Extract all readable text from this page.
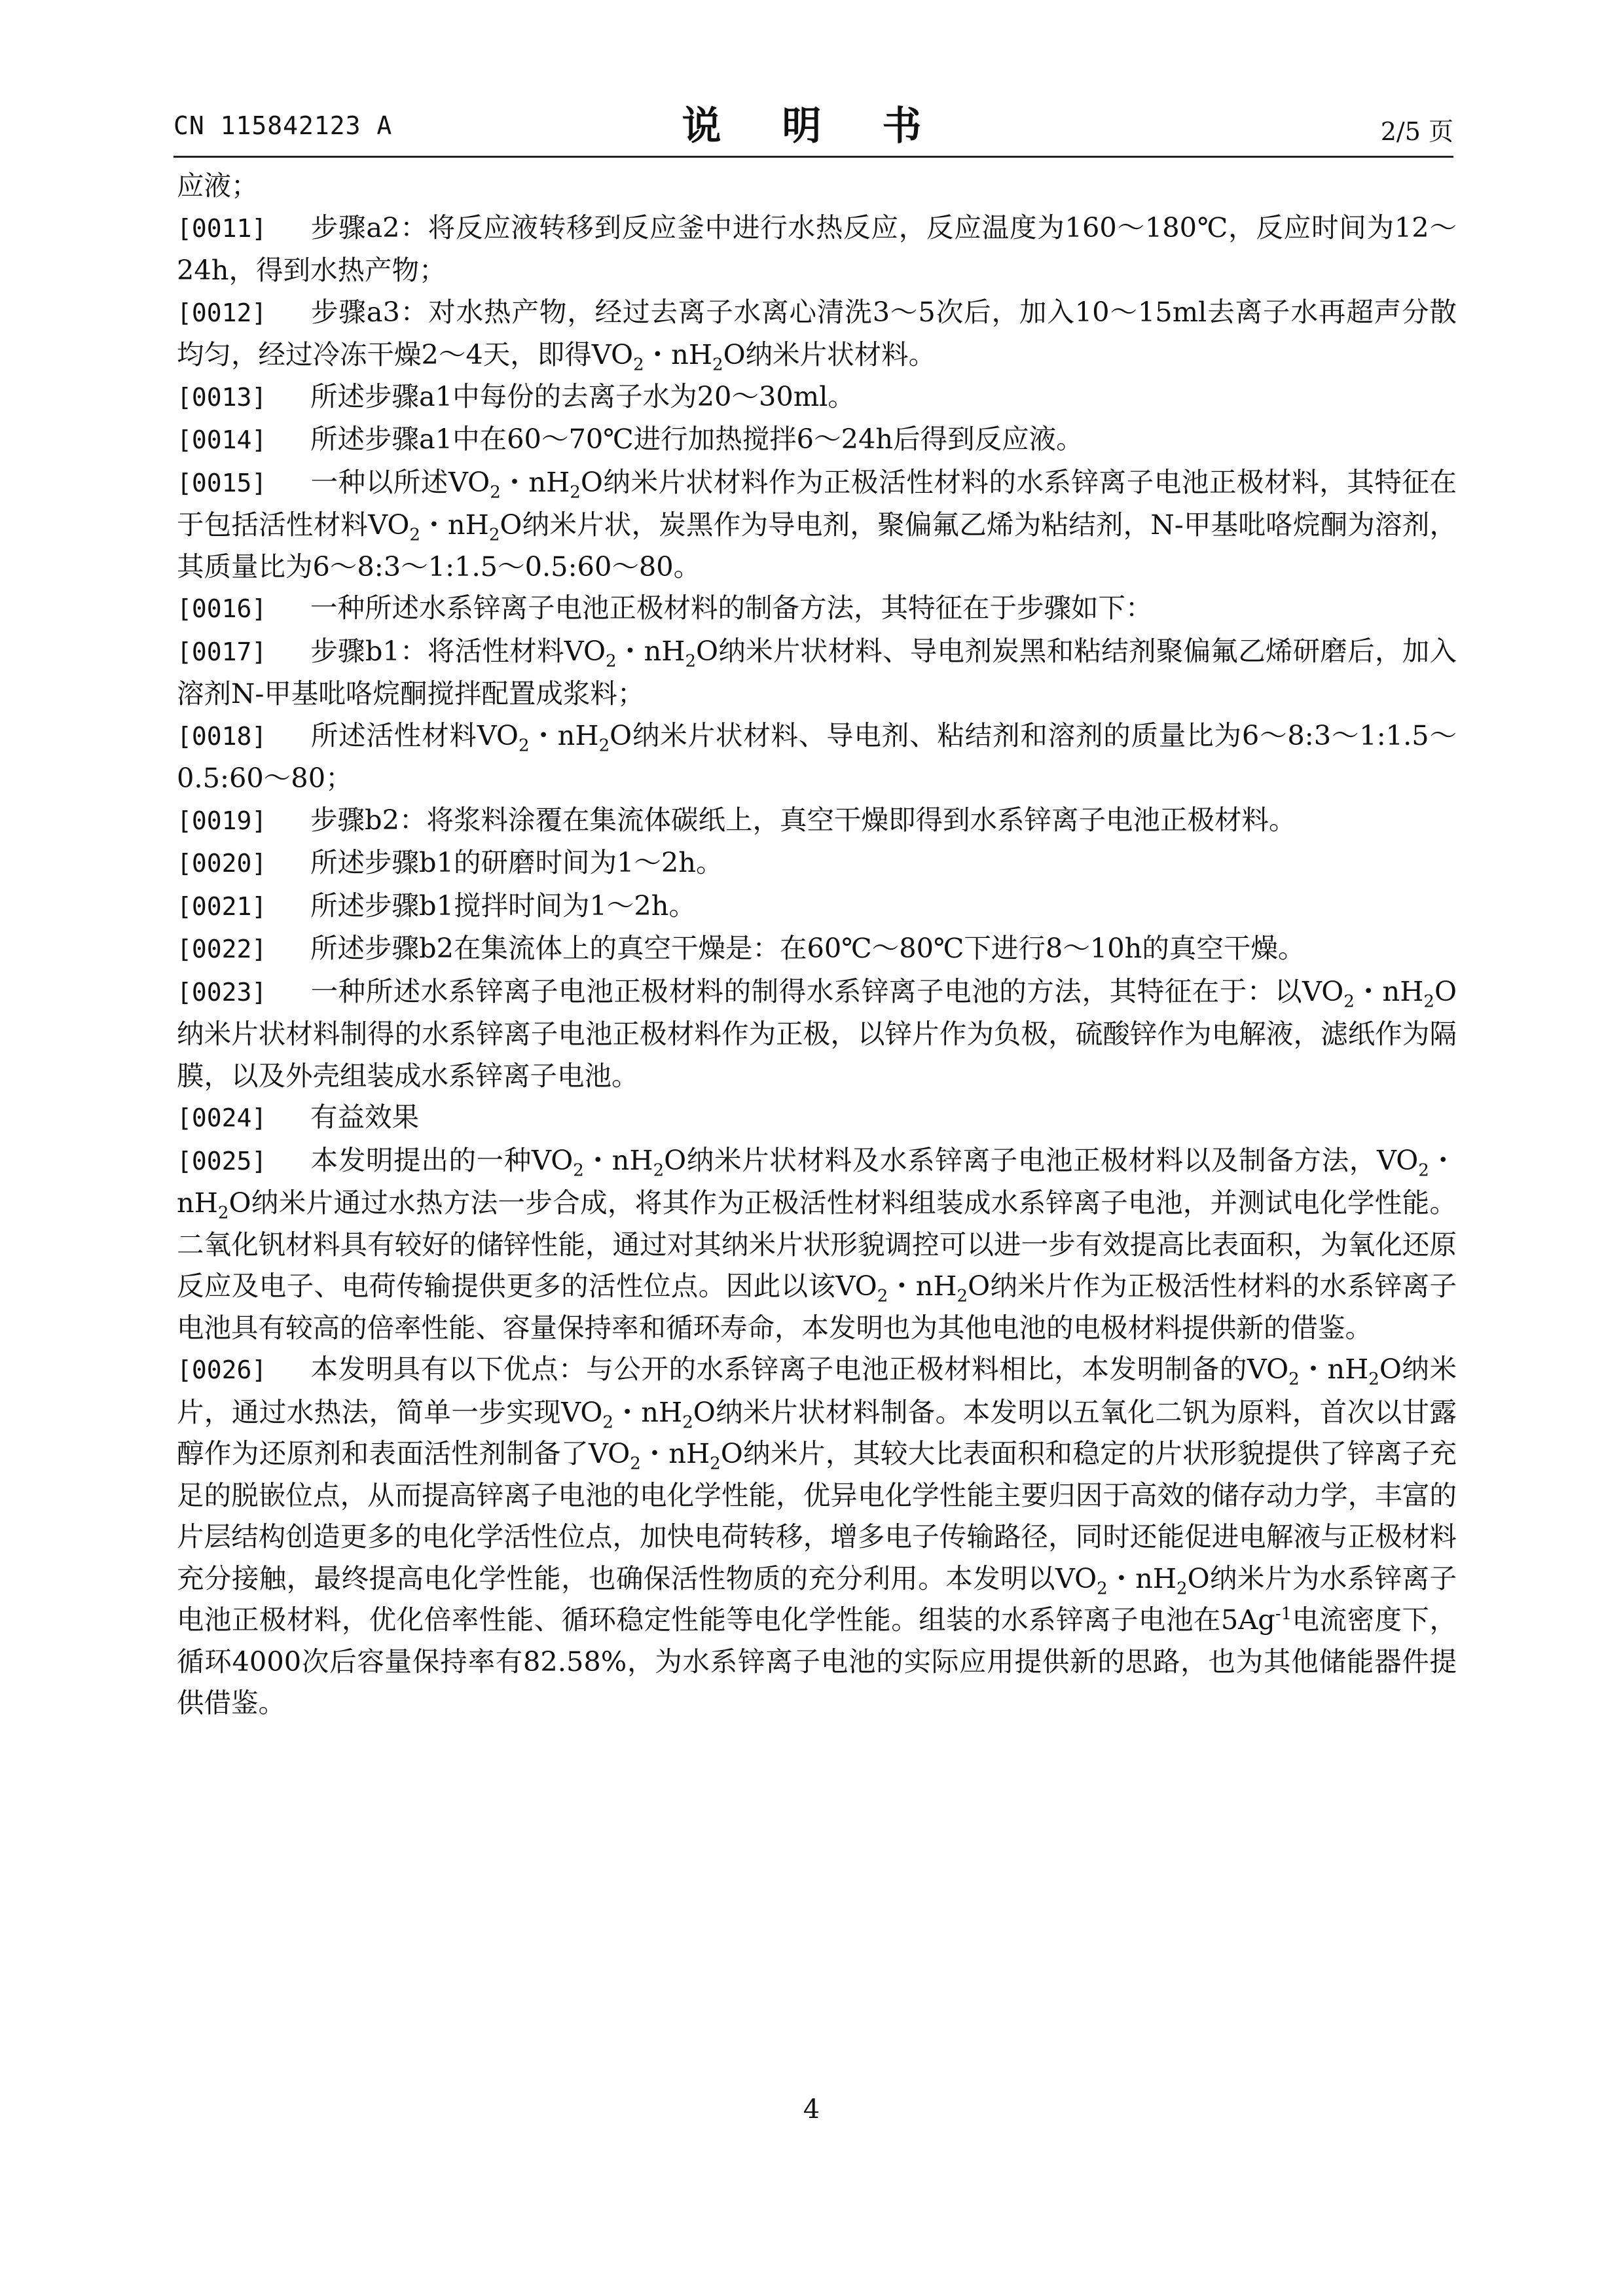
CN 115842123 A	说 明 书	2/5 页

应液；

[0011] 步骤a2：将反应液转移到反应釜中进行水热反应，反应温度为160～180℃，反应时间为12～24h，得到水热产物；

[0012] 步骤a3：对水热产物，经过去离子水离心清洗3～5次后，加入10～15ml去离子水再超声分散均匀，经过冷冻干燥2～4天，即得$VO_2$・$nH_2O$纳米片状材料。

[0013] 所述步骤a1中每份的去离子水为20～30ml。

[0014] 所述步骤a1中在60～70℃进行加热搅拌6～24h后得到反应液。

[0015] 一种以所述$VO_2$・$nH_2O$纳米片状材料作为正极活性材料的水系锌离子电池正极材料，其特征在于包括活性材料$VO_2$・$nH_2O$纳米片状，炭黑作为导电剂，聚偏氟乙烯为粘结剂，N-甲基吡咯烷酮为溶剂，其质量比为6～8:3～1:1.5～0.5:60～80。

[0016] 一种所述水系锌离子电池正极材料的制备方法，其特征在于步骤如下：

[0017] 步骤b1：将活性材料$VO_2$・$nH_2O$纳米片状材料、导电剂炭黑和粘结剂聚偏氟乙烯研磨后，加入溶剂N-甲基吡咯烷酮搅拌配置成浆料；

[0018] 所述活性材料$VO_2$・$nH_2O$纳米片状材料、导电剂、粘结剂和溶剂的质量比为6～8:3～1:1.5～0.5:60～80；

[0019] 步骤b2：将浆料涂覆在集流体碳纸上，真空干燥即得到水系锌离子电池正极材料。

[0020] 所述步骤b1的研磨时间为1～2h。

[0021] 所述步骤b1搅拌时间为1～2h。

[0022] 所述步骤b2在集流体上的真空干燥是：在60℃～80℃下进行8～10h的真空干燥。

[0023] 一种所述水系锌离子电池正极材料的制得水系锌离子电池的方法，其特征在于：以$VO_2$・$nH_2O$纳米片状材料制得的水系锌离子电池正极材料作为正极，以锌片作为负极，硫酸锌作为电解液，滤纸作为隔膜，以及外壳组装成水系锌离子电池。

[0024] 有益效果

[0025] 本发明提出的一种$VO_2$・$nH_2O$纳米片状材料及水系锌离子电池正极材料以及制备方法，$VO_2$・$nH_2O$纳米片通过水热方法一步合成，将其作为正极活性材料组装成水系锌离子电池，并测试电化学性能。二氧化钒材料具有较好的储锌性能，通过对其纳米片状形貌调控可以进一步有效提高比表面积，为氧化还原反应及电子、电荷传输提供更多的活性位点。因此以该$VO_2$・$nH_2O$纳米片作为正极活性材料的水系锌离子电池具有较高的倍率性能、容量保持率和循环寿命，本发明也为其他电池的电极材料提供新的借鉴。

[0026] 本发明具有以下优点：与公开的水系锌离子电池正极材料相比，本发明制备的$VO_2$・$nH_2O$纳米片，通过水热法，简单一步实现$VO_2$・$nH_2O$纳米片状材料制备。本发明以五氧化二钒为原料，首次以甘露醇作为还原剂和表面活性剂制备了$VO_2$・$nH_2O$纳米片，其较大比表面积和稳定的片状形貌提供了锌离子充足的脱嵌位点，从而提高锌离子电池的电化学性能，优异电化学性能主要归因于高效的储存动力学，丰富的片层结构创造更多的电化学活性位点，加快电荷转移，增多电子传输路径，同时还能促进电解液与正极材料充分接触，最终提高电化学性能，也确保活性物质的充分利用。本发明以$VO_2$・$nH_2O$纳米片为水系锌离子电池正极材料，优化倍率性能、循环稳定性能等电化学性能。组装的水系锌离子电池在$5Ag^{-1}$电流密度下，循环4000次后容量保持率有82.58%，为水系锌离子电池的实际应用提供新的思路，也为其他储能器件提供借鉴。

4
